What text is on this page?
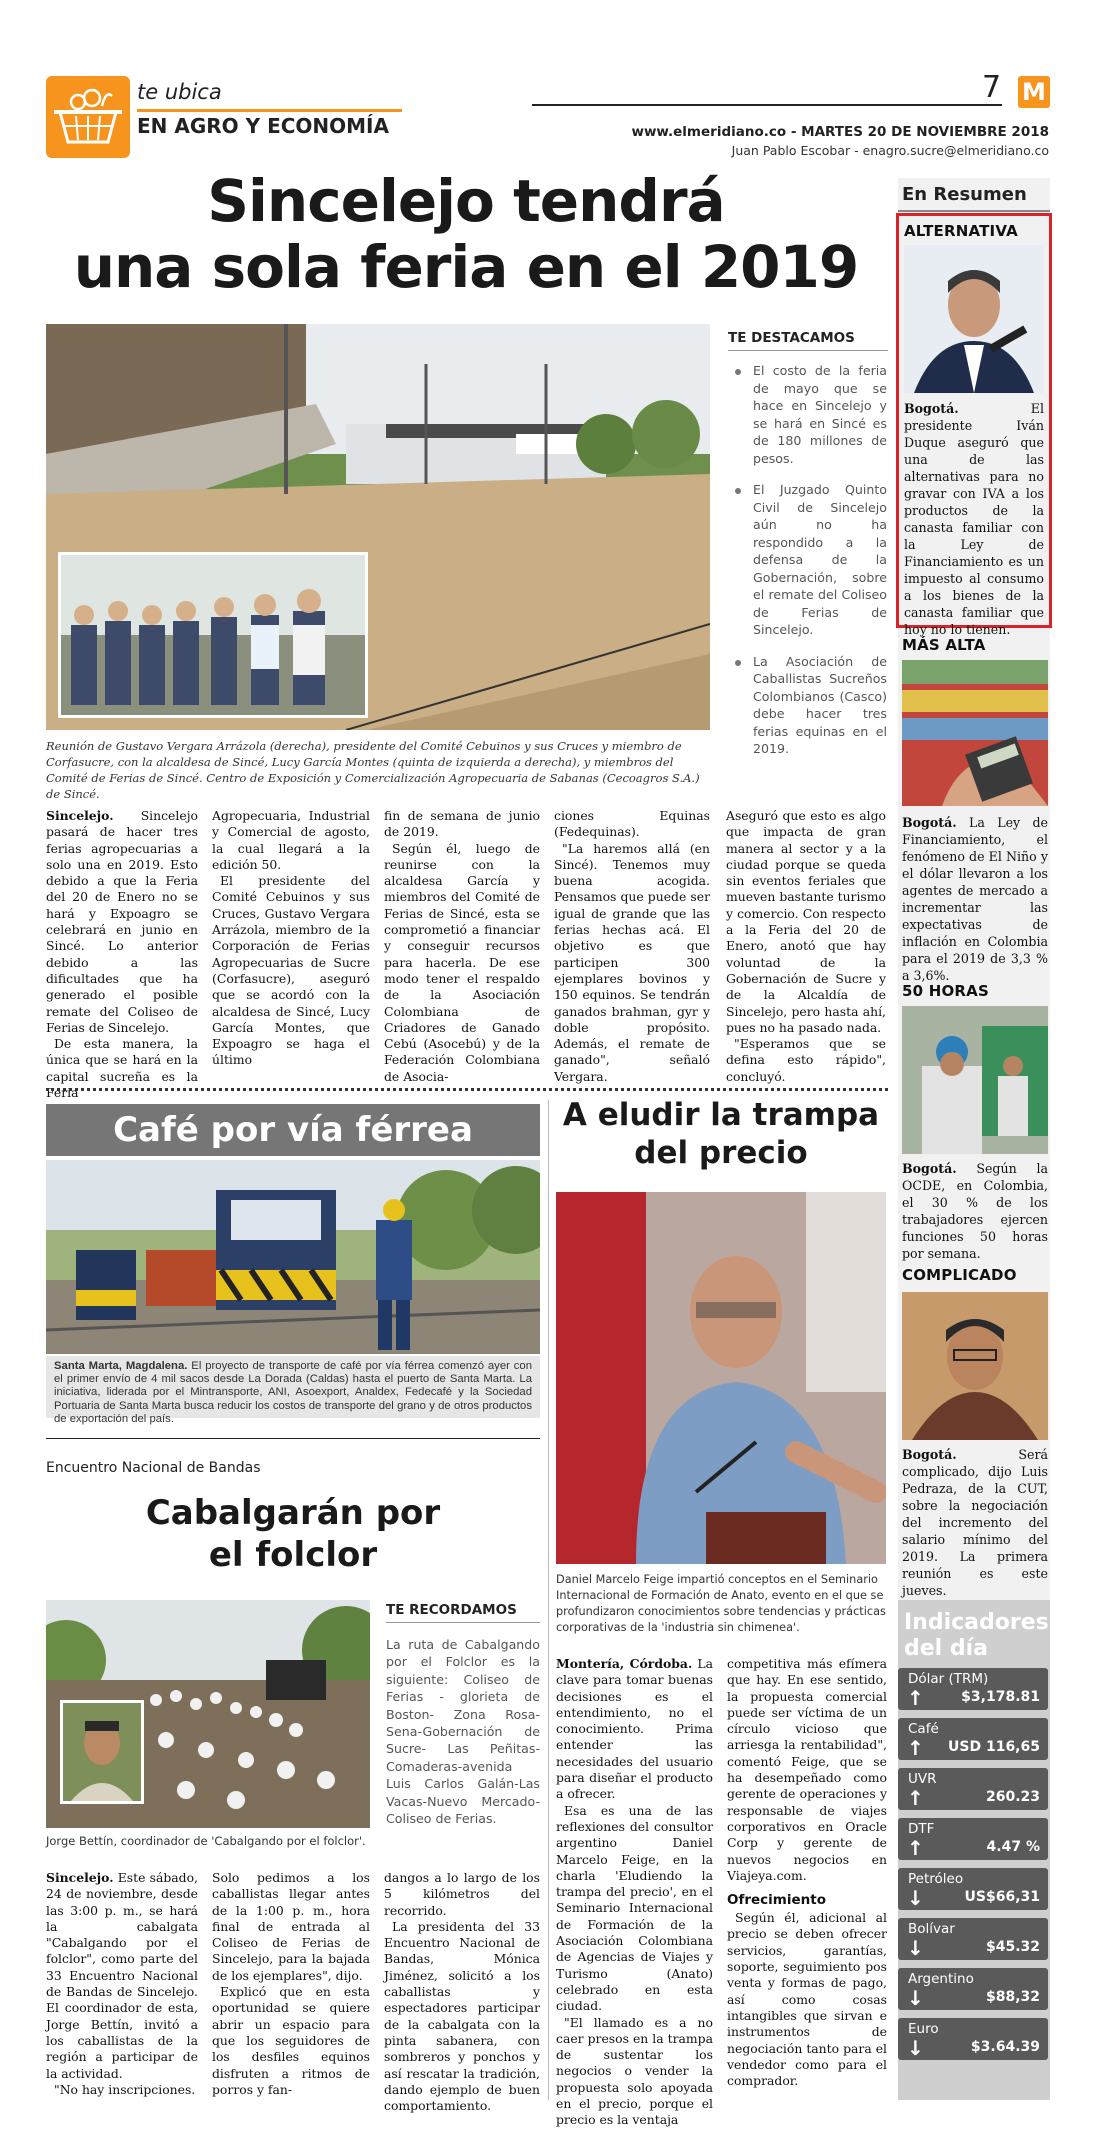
te ubica
EN AGRO Y ECONOMÍA
7 M
www.elmeridiano.co - MARTES 20 DE NOVIEMBRE 2018
Juan Pablo Escobar - enagro.sucre@elmeridiano.co
Sincelejo tendrá
una sola feria en el 2019
Reunión de Gustavo Vergara Arrázola (derecha), presidente del Comité Cebuinos y sus Cruces y miembro de Corfasucre, con la alcaldesa de Sincé, Lucy García Montes (quinta de izquierda a derecha), y miembros del Comité de Ferias de Sincé. Centro de Exposición y Comercialización Agropecuaria de Sabanas (Cecoagros S.A.) de Sincé.
TE DESTACAMOS
El costo de la feria de mayo que se hace en Sincelejo y se hará en Sincé es de 180 millones de pesos.
El Juzgado Quinto Civil de Sincelejo aún no ha respondido a la defensa de la Gobernación, sobre el remate del Coliseo de Ferias de Sincelejo.
La Asociación de Caballistas Sucreños Colombianos (Casco) debe hacer tres ferias equinas en el 2019.

Sincelejo. Sincelejo pasará de hacer tres ferias agropecuarias a solo una en 2019. Esto debido a que la Feria del 20 de Enero no se hará y Expoagro se celebrará en junio en Sincé. Lo anterior debido a las dificultades que ha generado el posible remate del Coliseo de Ferias de Sincelejo.

De esta manera, la única que se hará en la capital sucreña es la Feria

Agropecuaria, Industrial y Comercial de agosto, la cual llegará a la edición 50.

El presidente del Comité Cebuinos y sus Cruces, Gustavo Vergara Arrázola, miembro de la Corporación de Ferias Agropecuarias de Sucre (Corfasucre), aseguró que se acordó con la alcaldesa de Sincé, Lucy García Montes, que Expoagro se haga el último

fin de semana de junio de 2019.

Según él, luego de reunirse con la alcaldesa García y miembros del Comité de Ferias de Sincé, esta se comprometió a financiar y conseguir recursos para hacerla. De ese modo tener el respaldo de la Asociación Colombiana de Criadores de Ganado Cebú (Asocebú) y de la Federación Colombiana de Asocia-

ciones Equinas (Fedequinas).

"La haremos allá (en Sincé). Tenemos muy buena acogida. Pensamos que puede ser igual de grande que las ferias hechas acá. El objetivo es que participen 300 ejemplares bovinos y 150 equinos. Se tendrán ganados brahman, gyr y doble propósito. Además, el remate de ganado", señaló Vergara.

Aseguró que esto es algo que impacta de gran manera al sector y a la ciudad porque se queda sin eventos feriales que mueven bastante turismo y comercio. Con respecto a la Feria del 20 de Enero, anotó que hay voluntad de la Gobernación de Sucre y de la Alcaldía de Sincelejo, pero hasta ahí, pues no ha pasado nada.

"Esperamos que se defina esto rápido", concluyó.

Café por vía férrea
Santa Marta, Magdalena. El proyecto de transporte de café por vía férrea comenzó ayer con el primer envío de 4 mil sacos desde La Dorada (Caldas) hasta el puerto de Santa Marta. La iniciativa, liderada por el Mintransporte, ANI, Asoexport, Analdex, Fedecafé y la Sociedad Portuaria de Santa Marta busca reducir los costos de transporte del grano y de otros productos de exportación del país.
Encuentro Nacional de Bandas
Cabalgarán por
el folclor
Jorge Bettín, coordinador de 'Cabalgando por el folclor'.
TE RECORDAMOS
La ruta de Cabalgando por el Folclor es la siguiente: Coliseo de Ferias - glorieta de Boston- Zona Rosa-Sena-Gobernación de Sucre- Las Peñitas- Comaderas-avenida Luis Carlos Galán-Las Vacas-Nuevo Mercado-Coliseo de Ferias.

Sincelejo. Este sábado, 24 de noviembre, desde las 3:00 p. m., se hará la cabalgata "Cabalgando por el folclor", como parte del 33 Encuentro Nacional de Bandas de Sincelejo. El coordinador de esta, Jorge Bettín, invitó a los caballistas de la región a participar de la actividad.

"No hay inscripciones.

Solo pedimos a los caballistas llegar antes de la 1:00 p. m., hora final de entrada al Coliseo de Ferias de Sincelejo, para la bajada de los ejemplares", dijo.

Explicó que en esta oportunidad se quiere abrir un espacio para que los seguidores de los desfiles equinos disfruten a ritmos de porros y fan-

dangos a lo largo de los 5 kilómetros del recorrido.

La presidenta del 33 Encuentro Nacional de Bandas, Mónica Jiménez, solicitó a los caballistas y espectadores participar de la cabalgata con la pinta sabanera, con sombreros y ponchos y así rescatar la tradición, dando ejemplo de buen comportamiento.

A eludir la trampa
del precio
Daniel Marcelo Feige impartió conceptos en el Seminario Internacional de Formación de Anato, evento en el que se profundizaron conocimientos sobre tendencias y prácticas corporativas de la 'industria sin chimenea'.

Montería, Córdoba. La clave para tomar buenas decisiones es el entendimiento, no el conocimiento. Prima entender las necesidades del usuario para diseñar el producto a ofrecer.

Esa es una de las reflexiones del consultor argentino Daniel Marcelo Feige, en la charla 'Eludiendo la trampa del precio', en el Seminario Internacional de Formación de la Asociación Colombiana de Agencias de Viajes y Turismo (Anato) celebrado en esta ciudad.

"El llamado es a no caer presos en la trampa de sustentar los negocios o vender la propuesta solo apoyada en el precio, porque el precio es la ventaja

competitiva más efímera que hay. En ese sentido, la propuesta comercial puede ser víctima de un círculo vicioso que arriesga la rentabilidad", comentó Feige, que se ha desempeñado como gerente de operaciones y responsable de viajes corporativos en Oracle Corp y gerente de nuevos negocios en Viajeya.com.

Ofrecimiento

Según él, adicional al precio se deben ofrecer servicios, garantías, soporte, seguimiento pos venta y formas de pago, así como cosas intangibles que sirvan e instrumentos de negociación tanto para el vendedor como para el comprador.

En Resumen
ALTERNATIVA
Bogotá. El presidente Iván Duque aseguró que una de las alternativas para no gravar con IVA a los productos de la canasta familiar con la Ley de Financiamiento es un impuesto al consumo a los bienes de la canasta familiar que hoy no lo tienen.
MÁS ALTA
Bogotá. La Ley de Financiamiento, el fenómeno de El Niño y el dólar llevaron a los agentes de mercado a incrementar las expectativas de inflación en Colombia para el 2019 de 3,3 % a 3,6%.
50 HORAS
Bogotá. Según la OCDE, en Colombia, el 30 % de los trabajadores ejercen funciones 50 horas por semana.
COMPLICADO
Bogotá. Será complicado, dijo Luis Pedraza, de la CUT, sobre la negociación del incremento del salario mínimo del 2019. La primera reunión es este jueves.
Indicadores
del día
Dólar (TRM)
↑	$3,178.81
Café
↑ USD 116,65
UVR
↑	260.23
DTF
↑	4.47 %
Petróleo
↓	US$66,31
Bolívar
↓	$45.32
Argentino
↓	$88,32
Euro
↓	$3.64.39
